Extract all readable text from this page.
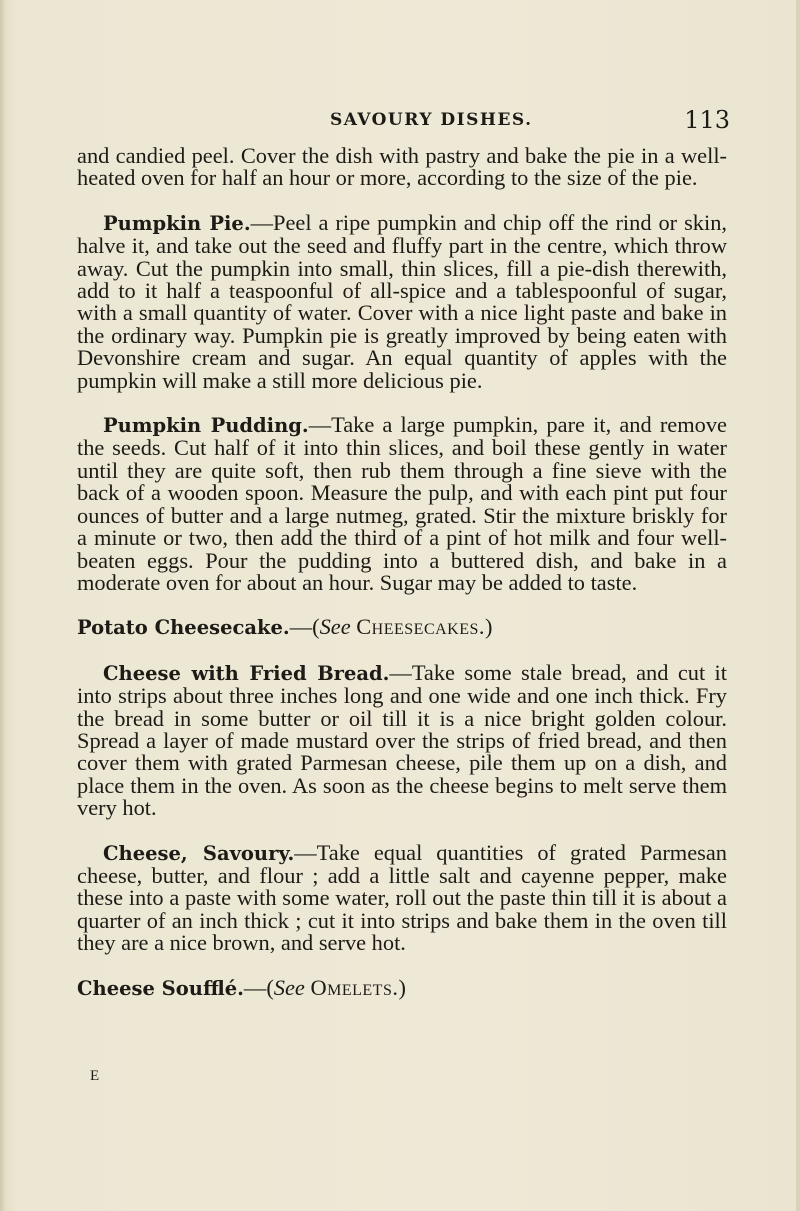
SAVOURY DISHES.	113

and candied peel. Cover the dish with pastry and bake the pie in a well-heated oven for half an hour or more, according to the size of the pie.

Pumpkin Pie.—Peel a ripe pumpkin and chip off the rind or skin, halve it, and take out the seed and fluffy part in the centre, which throw away. Cut the pumpkin into small, thin slices, fill a pie-dish therewith, add to it half a teaspoonful of all-spice and a tablespoonful of sugar, with a small quantity of water. Cover with a nice light paste and bake in the ordinary way. Pumpkin pie is greatly improved by being eaten with Devonshire cream and sugar. An equal quantity of apples with the pumpkin will make a still more delicious pie.

Pumpkin Pudding.—Take a large pumpkin, pare it, and remove the seeds. Cut half of it into thin slices, and boil these gently in water until they are quite soft, then rub them through a fine sieve with the back of a wooden spoon. Measure the pulp, and with each pint put four ounces of butter and a large nutmeg, grated. Stir the mixture briskly for a minute or two, then add the third of a pint of hot milk and four well-beaten eggs. Pour the pudding into a buttered dish, and bake in a moderate oven for about an hour. Sugar may be added to taste.

Potato Cheesecake.—(See Cheesecakes.)

Cheese with Fried Bread.—Take some stale bread, and cut it into strips about three inches long and one wide and one inch thick. Fry the bread in some butter or oil till it is a nice bright golden colour. Spread a layer of made mustard over the strips of fried bread, and then cover them with grated Parmesan cheese, pile them up on a dish, and place them in the oven. As soon as the cheese begins to melt serve them very hot.

Cheese, Savoury.—Take equal quantities of grated Parmesan cheese, butter, and flour ; add a little salt and cayenne pepper, make these into a paste with some water, roll out the paste thin till it is about a quarter of an inch thick ; cut it into strips and bake them in the oven till they are a nice brown, and serve hot.

Cheese Soufflé.—(See Omelets.)

E
